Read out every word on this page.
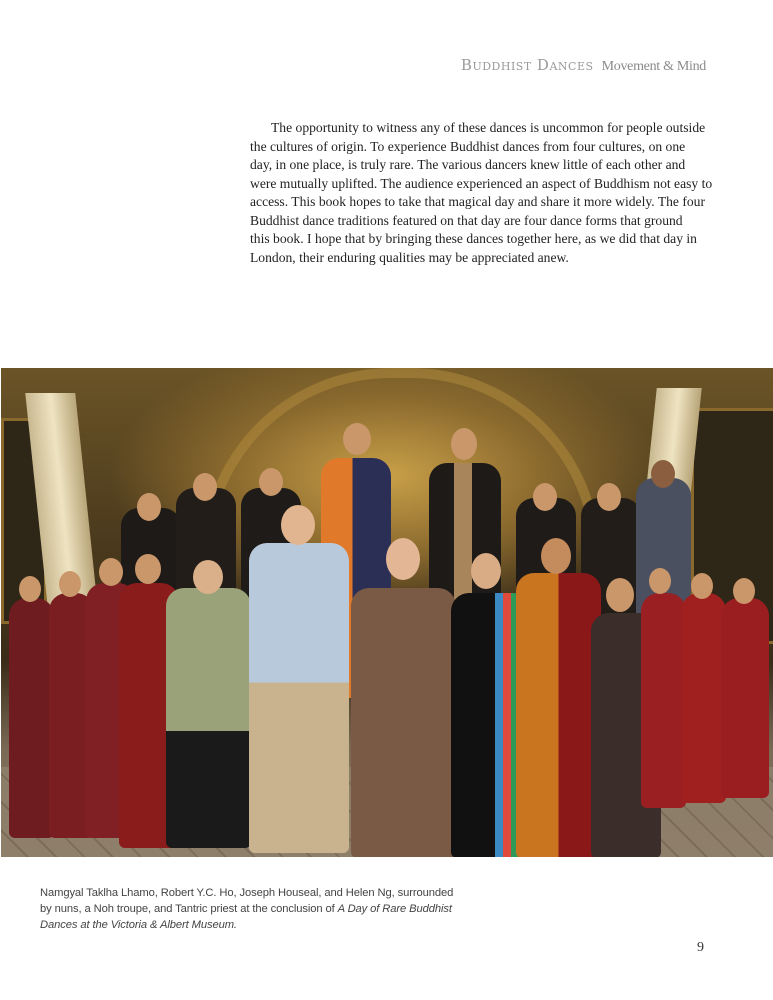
Buddhist Dances Movement & Mind

The opportunity to witness any of these dances is uncommon for people outside
the cultures of origin. To experience Buddhist dances from four cultures, on one
day, in one place, is truly rare. The various dancers knew little of each other and
were mutually uplifted. The audience experienced an aspect of Buddhism not easy to
access. This book hopes to take that magical day and share it more widely. The four
Buddhist dance traditions featured on that day are four dance forms that ground
this book. I hope that by bringing these dances together here, as we did that day in
London, their enduring qualities may be appreciated anew.

Namgyal Taklha Lhamo, Robert Y.C. Ho, Joseph Houseal, and Helen Ng, surrounded by nuns, a Noh troupe, and Tantric priest at the conclusion of A Day of Rare Buddhist Dances at the Victoria & Albert Museum.

9
